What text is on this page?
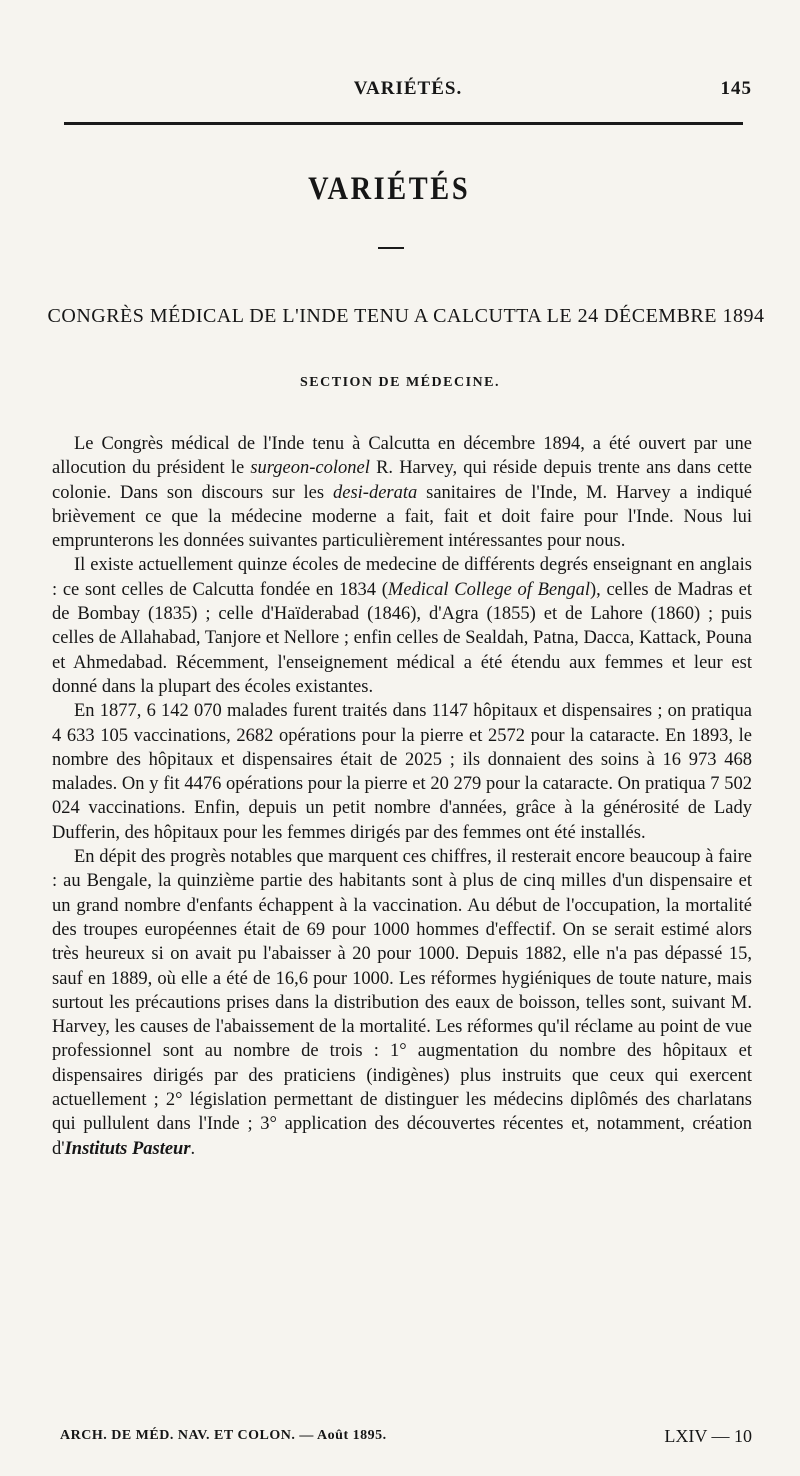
VARIÉTÉS.	145
VARIÉTÉS
CONGRÈS MÉDICAL DE L'INDE TENU A CALCUTTA LE 24 DÉCEMBRE 1894
SECTION DE MÉDECINE.

Le Congrès médical de l'Inde tenu à Calcutta en décembre 1894, a été ouvert par une allocution du président le surgeon-colonel R. Harvey, qui réside depuis trente ans dans cette colonie. Dans son discours sur les desi-derata sanitaires de l'Inde, M. Harvey a indiqué brièvement ce que la médecine moderne a fait, fait et doit faire pour l'Inde. Nous lui emprunterons les données suivantes particulièrement intéressantes pour nous.

Il existe actuellement quinze écoles de medecine de différents degrés enseignant en anglais : ce sont celles de Calcutta fondée en 1834 (Medical College of Bengal), celles de Madras et de Bombay (1835) ; celle d'Haïderabad (1846), d'Agra (1855) et de Lahore (1860) ; puis celles de Allahabad, Tanjore et Nellore ; enfin celles de Sealdah, Patna, Dacca, Kattack, Pouna et Ahmedabad. Récemment, l'enseignement médical a été étendu aux femmes et leur est donné dans la plupart des écoles existantes.

En 1877, 6 142 070 malades furent traités dans 1147 hôpitaux et dispensaires ; on pratiqua 4 633 105 vaccinations, 2682 opérations pour la pierre et 2572 pour la cataracte. En 1893, le nombre des hôpitaux et dispensaires était de 2025 ; ils donnaient des soins à 16 973 468 malades. On y fit 4476 opérations pour la pierre et 20 279 pour la cataracte. On pratiqua 7 502 024 vaccinations. Enfin, depuis un petit nombre d'années, grâce à la générosité de Lady Dufferin, des hôpitaux pour les femmes dirigés par des femmes ont été installés.

En dépit des progrès notables que marquent ces chiffres, il resterait encore beaucoup à faire : au Bengale, la quinzième partie des habitants sont à plus de cinq milles d'un dispensaire et un grand nombre d'enfants échappent à la vaccination. Au début de l'occupation, la mortalité des troupes européennes était de 69 pour 1000 hommes d'effectif. On se serait estimé alors très heureux si on avait pu l'abaisser à 20 pour 1000. Depuis 1882, elle n'a pas dépassé 15, sauf en 1889, où elle a été de 16,6 pour 1000. Les réformes hygiéniques de toute nature, mais surtout les précautions prises dans la distribution des eaux de boisson, telles sont, suivant M. Harvey, les causes de l'abaissement de la mortalité. Les réformes qu'il réclame au point de vue professionnel sont au nombre de trois : 1° augmentation du nombre des hôpitaux et dispensaires dirigés par des praticiens (indigènes) plus instruits que ceux qui exercent actuellement ; 2° législation permettant de distinguer les médecins diplômés des charlatans qui pullulent dans l'Inde ; 3° application des découvertes récentes et, notamment, création d'Instituts Pasteur.

ARCH. DE MÉD. NAV. ET COLON. — Août 1895.	LXIV — 10
